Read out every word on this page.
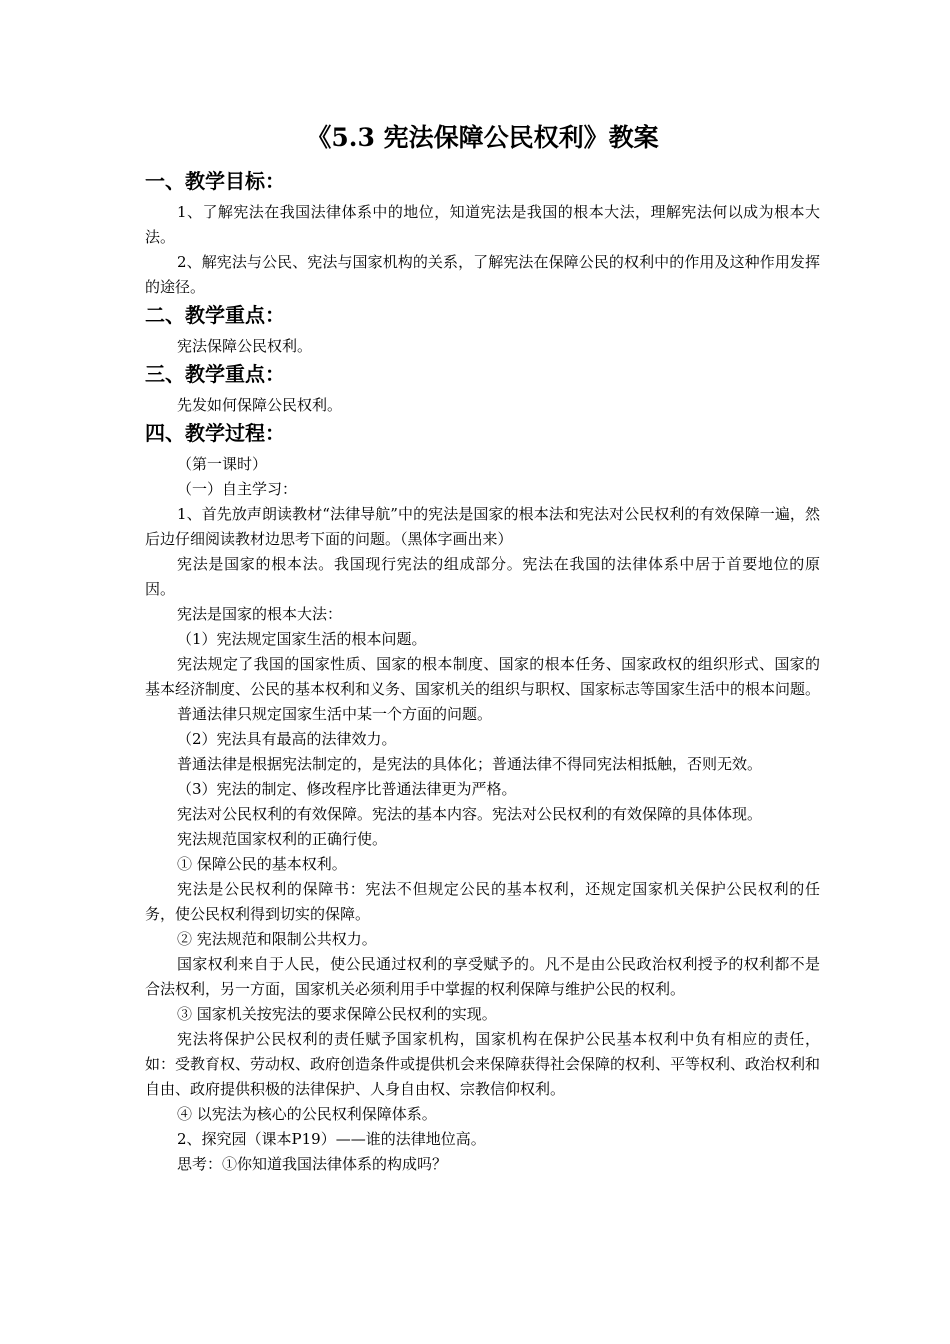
《5.3 宪法保障公民权利》教案
一、教学目标：

1、了解宪法在我国法律体系中的地位，知道宪法是我国的根本大法，理解宪法何以成为根本大法。

2、解宪法与公民、宪法与国家机构的关系，了解宪法在保障公民的权利中的作用及这种作用发挥的途径。

二、教学重点：

宪法保障公民权利。

三、教学重点：

先发如何保障公民权利。

四、教学过程：

（第一课时）

（一）自主学习：

1、首先放声朗读教材“法律导航”中的宪法是国家的根本法和宪法对公民权利的有效保障一遍，然后边仔细阅读教材边思考下面的问题。（黑体字画出来）

宪法是国家的根本法。我国现行宪法的组成部分。宪法在我国的法律体系中居于首要地位的原因。

宪法是国家的根本大法：

（1）宪法规定国家生活的根本问题。

宪法规定了我国的国家性质、国家的根本制度、国家的根本任务、国家政权的组织形式、国家的基本经济制度、公民的基本权利和义务、国家机关的组织与职权、国家标志等国家生活中的根本问题。

普通法律只规定国家生活中某一个方面的问题。

（2）宪法具有最高的法律效力。

普通法律是根据宪法制定的，是宪法的具体化；普通法律不得同宪法相抵触，否则无效。

（3）宪法的制定、修改程序比普通法律更为严格。

宪法对公民权利的有效保障。宪法的基本内容。宪法对公民权利的有效保障的具体体现。

宪法规范国家权利的正确行使。

① 保障公民的基本权利。

宪法是公民权利的保障书：宪法不但规定公民的基本权利，还规定国家机关保护公民权利的任务，使公民权利得到切实的保障。

② 宪法规范和限制公共权力。

国家权利来自于人民，使公民通过权利的享受赋予的。凡不是由公民政治权利授予的权利都不是合法权利，另一方面，国家机关必须利用手中掌握的权利保障与维护公民的权利。

③ 国家机关按宪法的要求保障公民权利的实现。

宪法将保护公民权利的责任赋予国家机构，国家机构在保护公民基本权利中负有相应的责任，如：受教育权、劳动权、政府创造条件或提供机会来保障获得社会保障的权利、平等权利、政治权利和自由、政府提供积极的法律保护、人身自由权、宗教信仰权利。

④ 以宪法为核心的公民权利保障体系。

2、探究园（课本P19）——谁的法律地位高。

思考：①你知道我国法律体系的构成吗？
